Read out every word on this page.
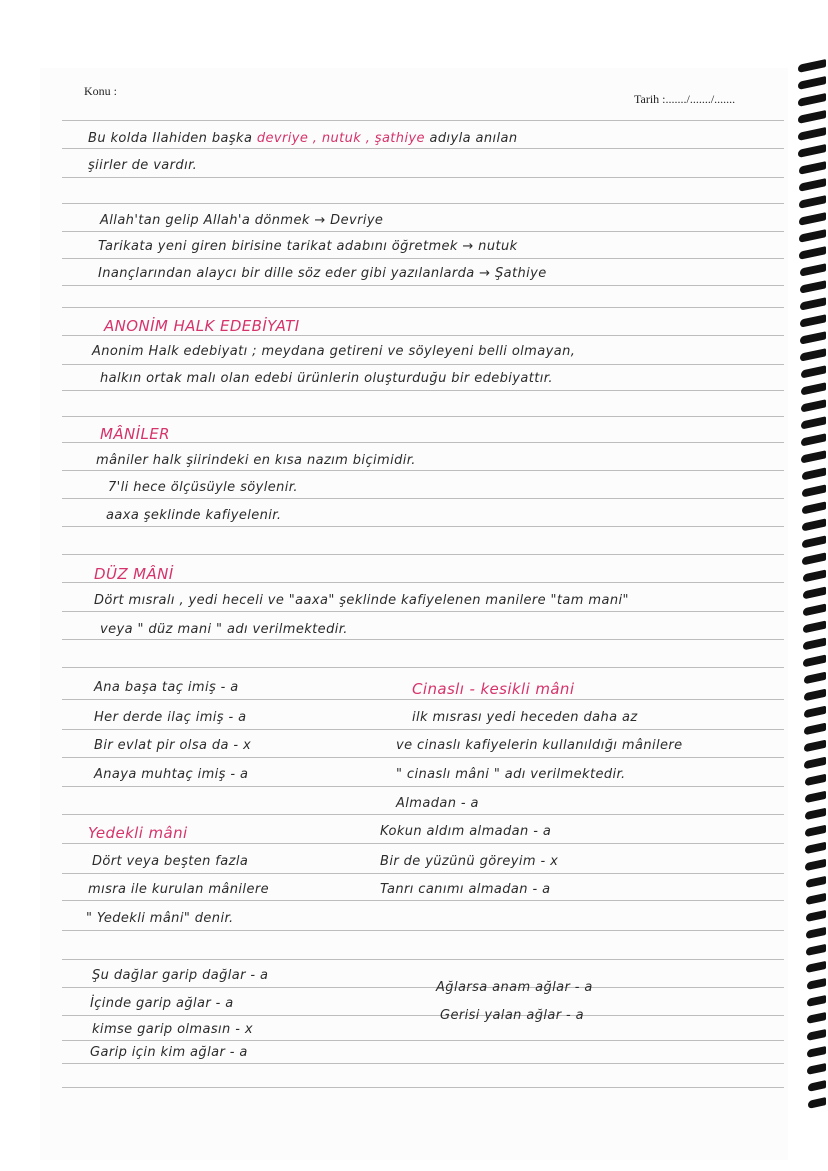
Konu :
Tarih :......./......./.......
Bu kolda Ilahiden başka devriye , nutuk , şathiye adıyla anılan
şiirler de vardır.
Allah'tan gelip Allah'a dönmek → Devriye
Tarikata yeni giren birisine tarikat adabını öğretmek → nutuk
Inançlarından alaycı bir dille söz eder gibi yazılanlarda → Şathiye
ANONİM HALK EDEBİYATI
Anonim Halk edebiyatı ; meydana getireni ve söyleyeni belli olmayan,
halkın ortak malı olan edebi ürünlerin oluşturduğu bir edebiyattır.
MÂNİLER
mâniler halk şiirindeki en kısa nazım biçimidir.
7'li hece ölçüsüyle söylenir.
aaxa şeklinde kafiyelenir.
DÜZ MÂNİ
Dört mısralı , yedi heceli ve "aaxa" şeklinde kafiyelenen manilere "tam mani"
veya " düz mani " adı verilmektedir.
Ana başa taç imiş - a
Her derde ilaç imiş - a
Bir evlat pir olsa da - x
Anaya muhtaç imiş - a
Yedekli mâni
Dört veya beşten fazla
mısra ile kurulan mânilere
" Yedekli mâni" denir.
Şu dağlar garip dağlar - a
İçinde garip ağlar - a
kimse garip olmasın - x
Garip için kim ağlar - a
Cinaslı - kesikli mâni
ilk mısrası yedi heceden daha az
ve cinaslı kafiyelerin kullanıldığı mânilere
" cinaslı mâni " adı verilmektedir.
Almadan - a
Kokun aldım almadan - a
Bir de yüzünü göreyim - x
Tanrı canımı almadan - a
Ağlarsa anam ağlar - a
Gerisi yalan ağlar - a
